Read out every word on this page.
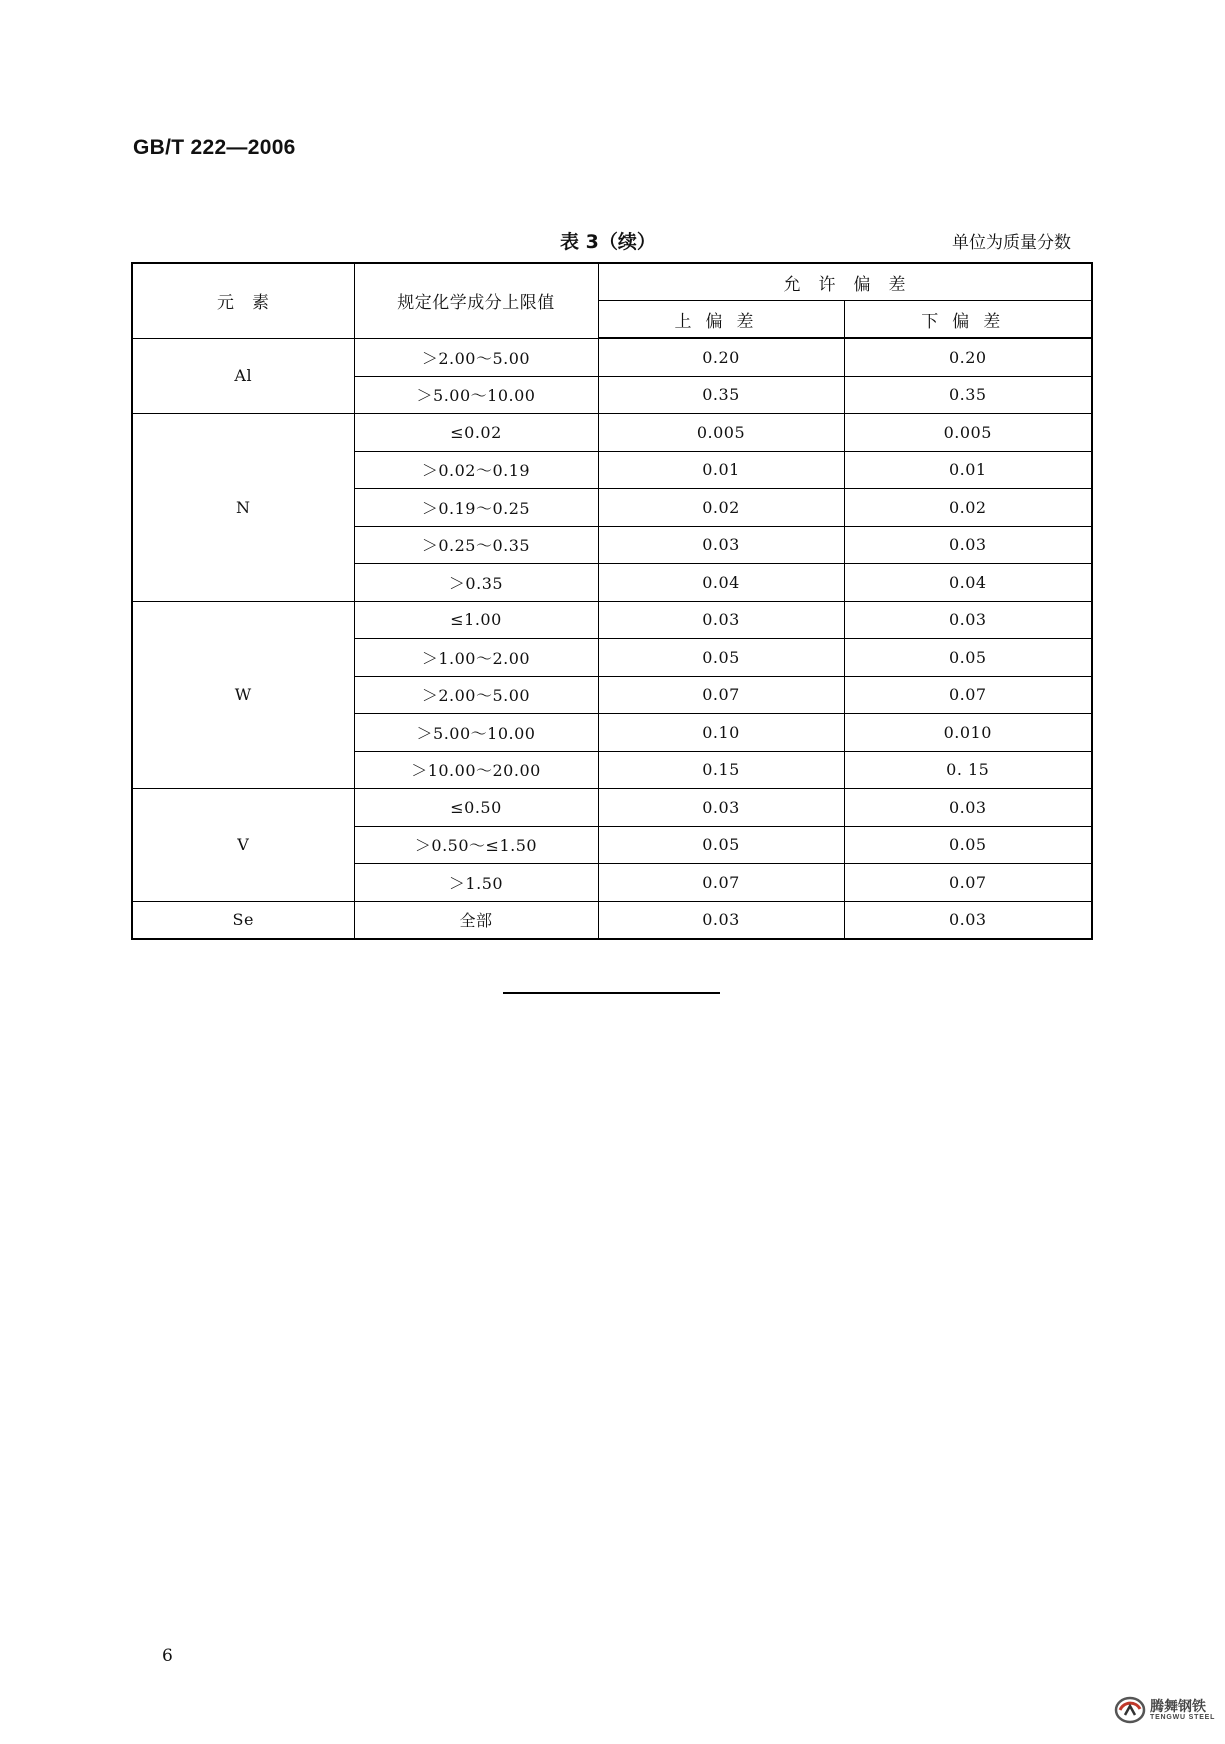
GB/T 222—2006
表 3（续）	单位为质量分数
元　素	规定化学成分上限值	允　许　偏　差	
		上偏差	下偏差
Al	＞2.00～5.00	0.20	0.20
	＞5.00～10.00	0.35	0.35
N	≤0.02	0.005	0.005
	＞0.02～0.19	0.01	0.01
	＞0.19～0.25	0.02	0.02
	＞0.25～0.35	0.03	0.03
	＞0.35	0.04	0.04
W	≤1.00	0.03	0.03
	＞1.00～2.00	0.05	0.05
	＞2.00～5.00	0.07	0.07
	＞5.00～10.00	0.10	0.010
	＞10.00～20.00	0.15	0. 15
V	≤0.50	0.03	0.03
	＞0.50～≤1.50	0.05	0.05
	＞1.50	0.07	0.07
Se	全部	0.03	0.03
6
腾舞钢铁
TENGWU STEEL
